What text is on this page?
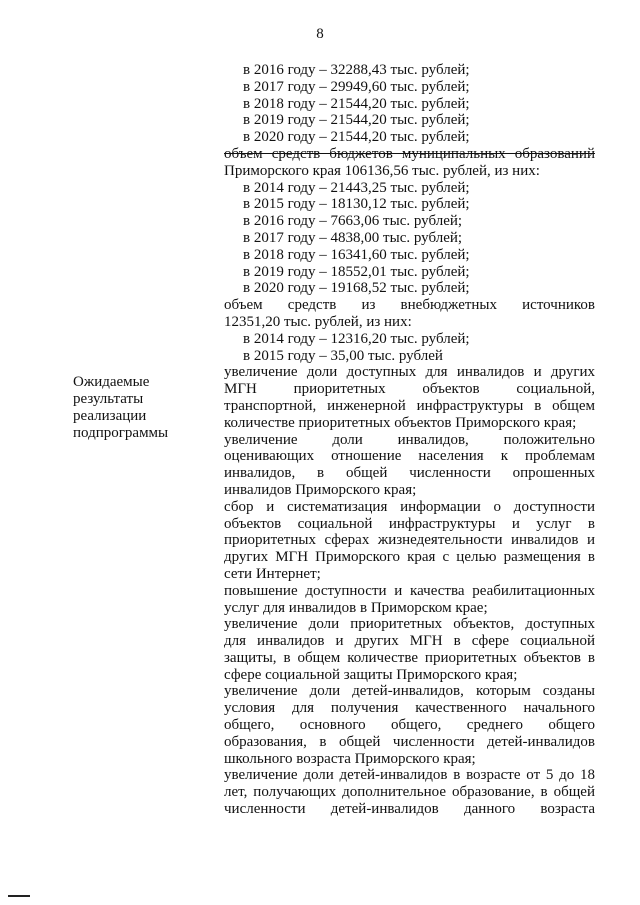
8
Ожидаемые
результаты
реализации
подпрограммы
в 2016 году – 32288,43 тыс. рублей;
в 2017 году – 29949,60 тыс. рублей;
в 2018 году – 21544,20 тыс. рублей;
в 2019 году – 21544,20 тыс. рублей;
в 2020 году – 21544,20 тыс. рублей;
объем средств бюджетов муниципальных образований
Приморского края 106136,56 тыс. рублей, из них:
в 2014 году – 21443,25 тыс. рублей;
в 2015 году – 18130,12 тыс. рублей;
в 2016 году – 7663,06 тыс. рублей;
в 2017 году – 4838,00 тыс. рублей;
в 2018 году – 16341,60 тыс. рублей;
в 2019 году – 18552,01 тыс. рублей;
в 2020 году – 19168,52 тыс. рублей;
объем средств из внебюджетных источников
12351,20 тыс. рублей, из них:
в 2014 году – 12316,20 тыс. рублей;
в 2015 году – 35,00 тыс. рублей
увеличение доли доступных для инвалидов и других
МГН приоритетных объектов социальной,
транспортной, инженерной инфраструктуры в общем
количестве приоритетных объектов Приморского края;
увеличение доли инвалидов, положительно
оценивающих отношение населения к проблемам
инвалидов, в общей численности опрошенных
инвалидов Приморского края;
сбор и систематизация информации о доступности
объектов социальной инфраструктуры и услуг в
приоритетных сферах жизнедеятельности инвалидов и
других МГН Приморского края с целью размещения в
сети Интернет;
повышение доступности и качества реабилитационных
услуг для инвалидов в Приморском крае;
увеличение доли приоритетных объектов, доступных
для инвалидов и других МГН в сфере социальной
защиты, в общем количестве приоритетных объектов в
сфере социальной защиты Приморского края;
увеличение доли детей-инвалидов, которым созданы
условия для получения качественного начального
общего, основного общего, среднего общего
образования, в общей численности детей-инвалидов
школьного возраста Приморского края;
увеличение доли детей-инвалидов в возрасте от 5 до 18
лет, получающих дополнительное образование, в общей
численности детей-инвалидов данного возраста
